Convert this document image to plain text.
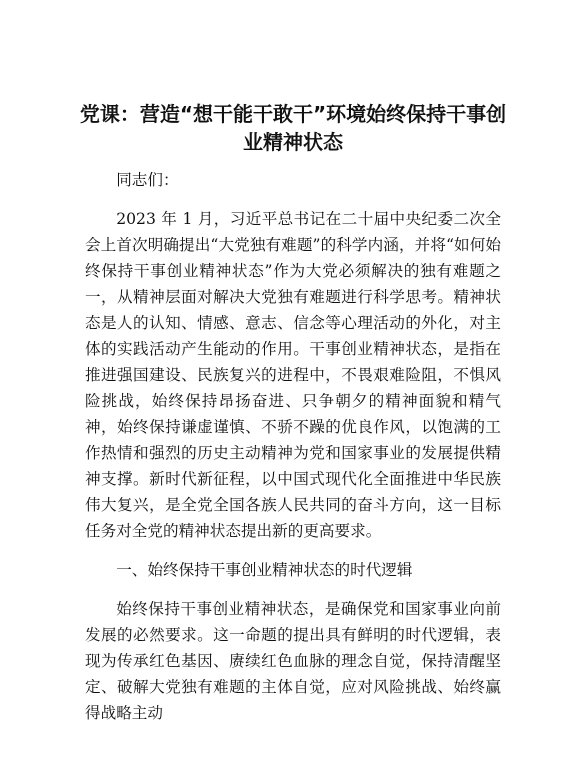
党课：营造“想干能干敢干”环境始终保持干事创业精神状态

同志们：

2023 年 1 月，习近平总书记在二十届中央纪委二次全会上首次明确提出“大党独有难题”的科学内涵，并将“如何始终保持干事创业精神状态”作为大党必须解决的独有难题之一，从精神层面对解决大党独有难题进行科学思考。精神状态是人的认知、情感、意志、信念等心理活动的外化，对主体的实践活动产生能动的作用。干事创业精神状态，是指在推进强国建设、民族复兴的进程中，不畏艰难险阻，不惧风险挑战，始终保持昂扬奋进、只争朝夕的精神面貌和精气神，始终保持谦虚谨慎、不骄不躁的优良作风，以饱满的工作热情和强烈的历史主动精神为党和国家事业的发展提供精神支撑。新时代新征程，以中国式现代化全面推进中华民族伟大复兴，是全党全国各族人民共同的奋斗方向，这一目标任务对全党的精神状态提出新的更高要求。

一、始终保持干事创业精神状态的时代逻辑

始终保持干事创业精神状态，是确保党和国家事业向前发展的必然要求。这一命题的提出具有鲜明的时代逻辑，表现为传承红色基因、赓续红色血脉的理念自觉，保持清醒坚定、破解大党独有难题的主体自觉，应对风险挑战、始终赢得战略主动
